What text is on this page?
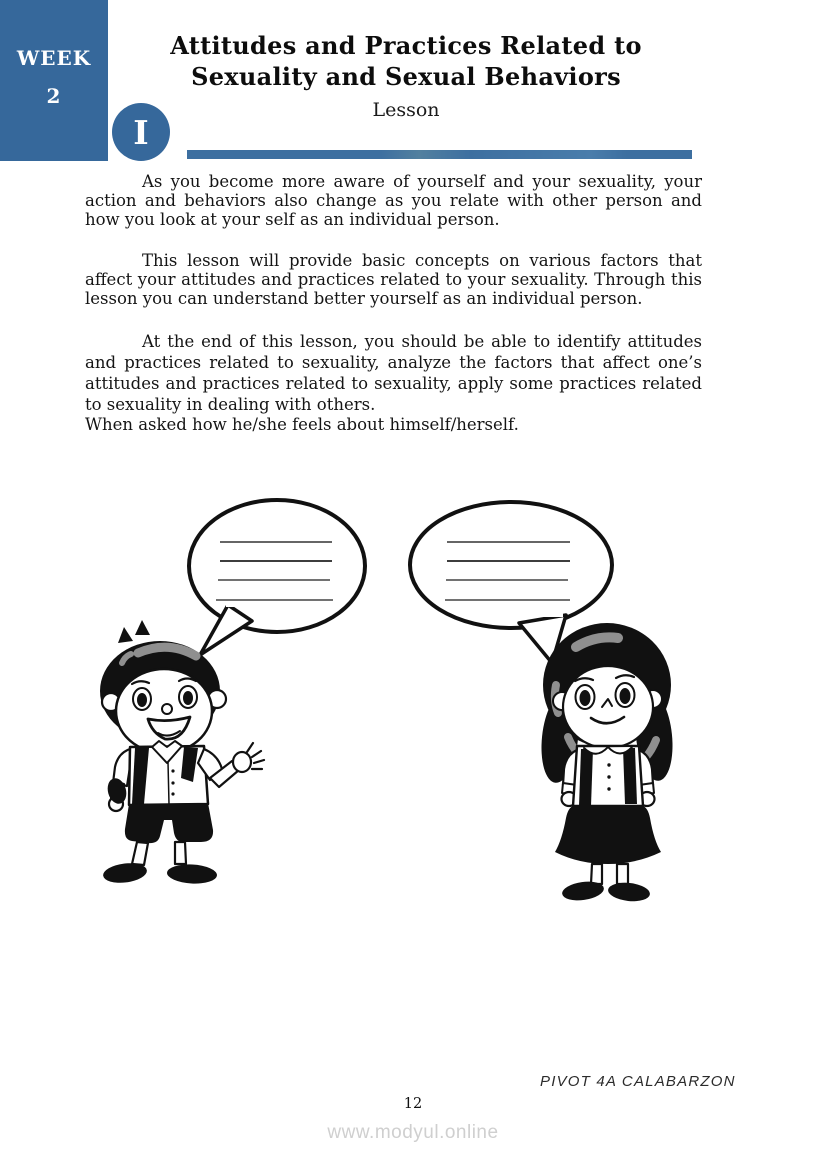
WEEK
2
Attitudes and Practices Related to
Sexuality and Sexual Behaviors
Lesson
I

As you become more aware of yourself and your sexuality, your action and behaviors also change as you relate with other person and how you look at your self as an individual person.

This lesson will provide basic concepts on various factors that affect your attitudes and practices related to your sexuality. Through this lesson you can understand better yourself as an individual person.

At the end of this lesson, you should be able to identify attitudes and practices related to sexuality, analyze the factors that affect one’s attitudes and practices related to sexuality, apply some practices related to sexuality in dealing with others.

When asked how he/she feels about himself/herself.

PIVOT 4A CALABARZON
12
www.modyul.online
